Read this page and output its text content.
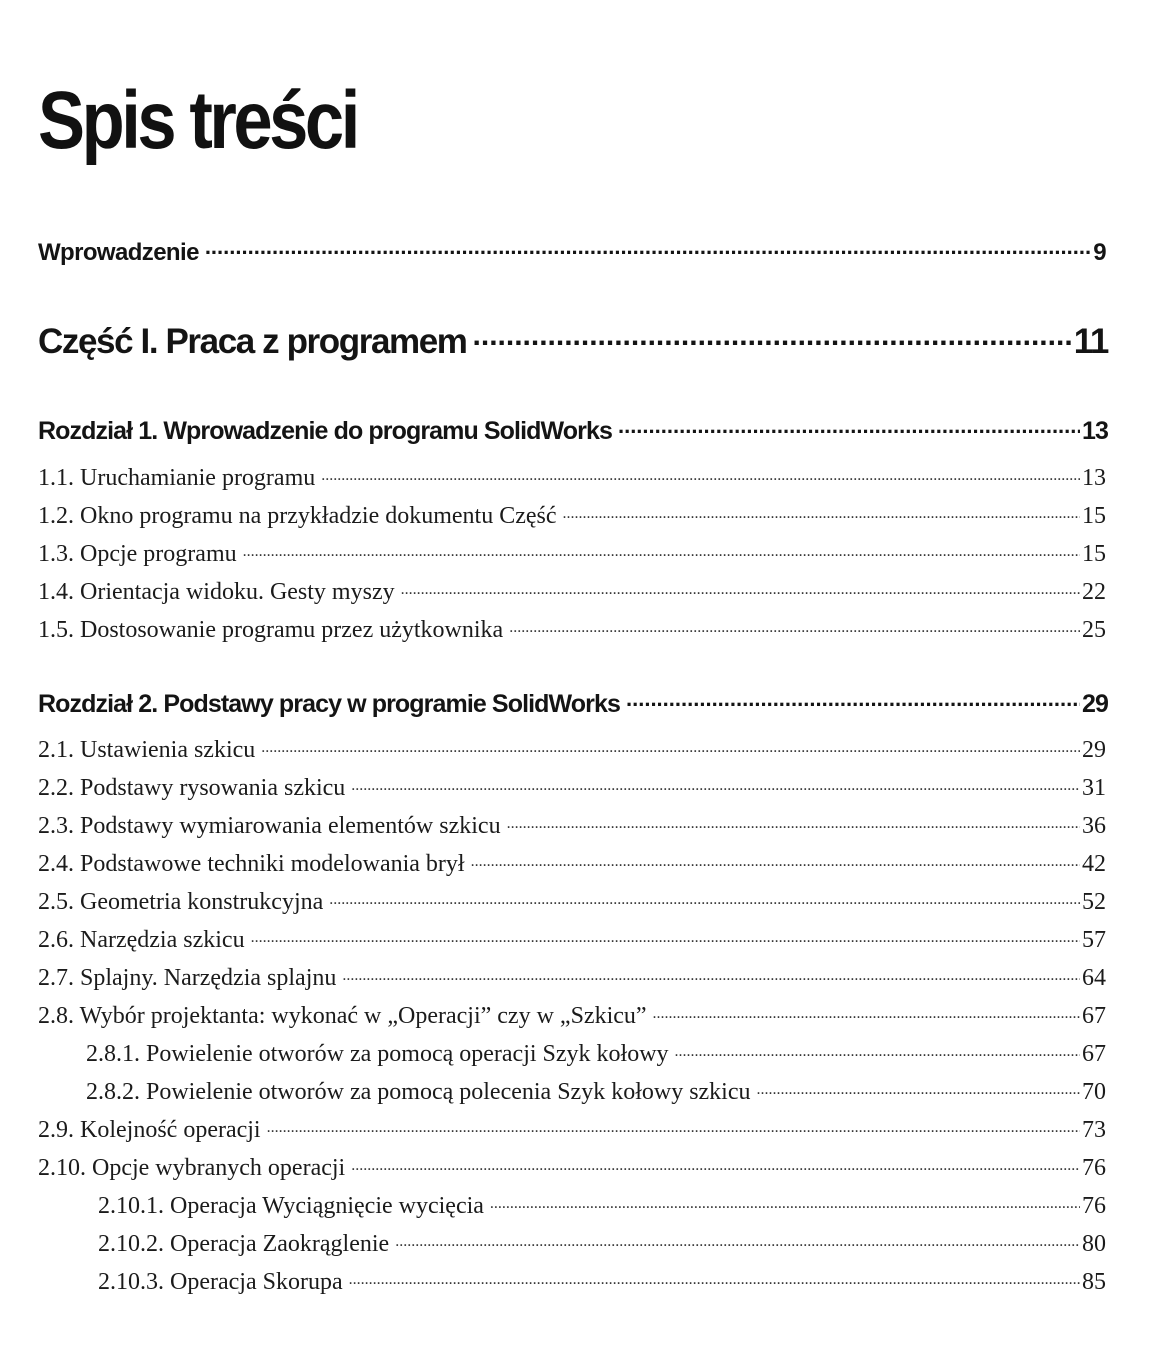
Spis treści
Wprowadzenie .....	9
Część I. Praca z programem .....	11
Rozdział 1. Wprowadzenie do programu SolidWorks .....	13
1.1. Uruchamianie programu .....	13
1.2. Okno programu na przykładzie dokumentu Część .....	15
1.3. Opcje programu .....	15
1.4. Orientacja widoku. Gesty myszy .....	22
1.5. Dostosowanie programu przez użytkownika .....	25
Rozdział 2. Podstawy pracy w programie SolidWorks .....	29
2.1. Ustawienia szkicu .....	29
2.2. Podstawy rysowania szkicu .....	31
2.3. Podstawy wymiarowania elementów szkicu .....	36
2.4. Podstawowe techniki modelowania brył .....	42
2.5. Geometria konstrukcyjna .....	52
2.6. Narzędzia szkicu .....	57
2.7. Splajny. Narzędzia splajnu .....	64
2.8. Wybór projektanta: wykonać w „Operacji” czy w „Szkicu” .....	67
2.8.1. Powielenie otworów za pomocą operacji Szyk kołowy .....	67
2.8.2. Powielenie otworów za pomocą polecenia Szyk kołowy szkicu .....	70
2.9. Kolejność operacji .....	73
2.10. Opcje wybranych operacji .....	76
2.10.1. Operacja Wyciągnięcie wycięcia .....	76
2.10.2. Operacja Zaokrąglenie .....	80
2.10.3. Operacja Skorupa .....	85
